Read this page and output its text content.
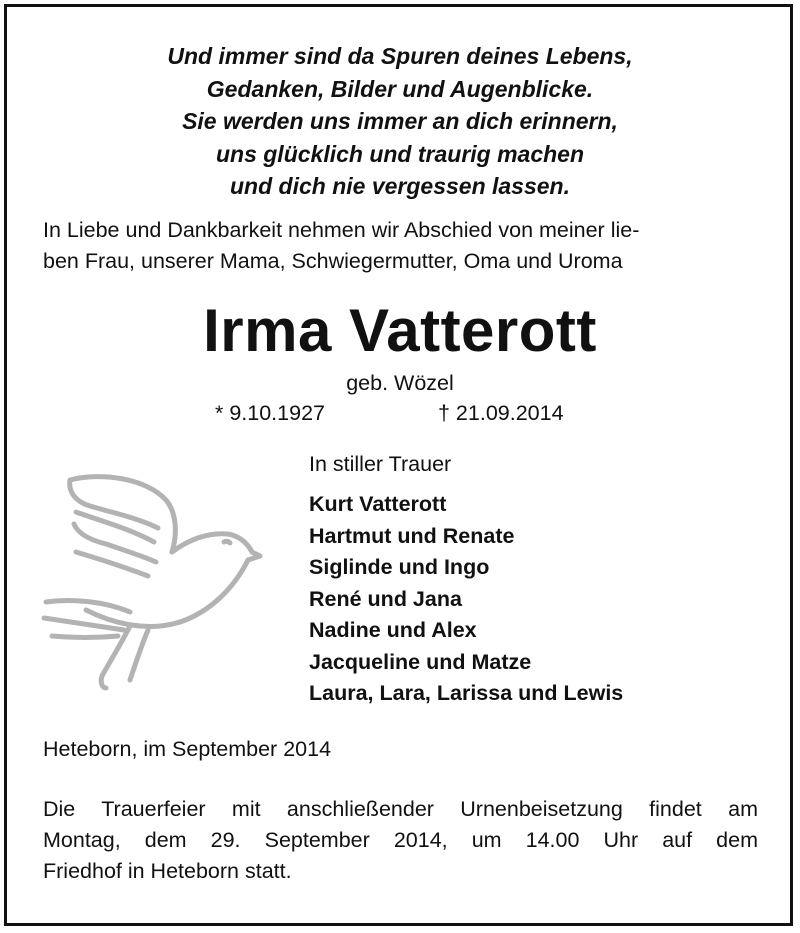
Und immer sind da Spuren deines Lebens,
Gedanken, Bilder und Augenblicke.
Sie werden uns immer an dich erinnern,
uns glücklich und traurig machen
und dich nie vergessen lassen.
In Liebe und Dankbarkeit nehmen wir Abschied von meiner lie-
ben Frau, unserer Mama, Schwiegermutter, Oma und Uroma
Irma Vatterott
geb. Wözel
* 9.10.1927	† 21.09.2014
In stiller Trauer
Kurt Vatterott
Hartmut und Renate
Siglinde und Ingo
René und Jana
Nadine und Alex
Jacqueline und Matze
Laura, Lara, Larissa und Lewis
Heteborn, im September 2014
Die Trauerfeier mit anschließender Urnenbeisetzung findet am
Montag, dem 29. September 2014, um 14.00 Uhr auf dem
Friedhof in Heteborn statt.
